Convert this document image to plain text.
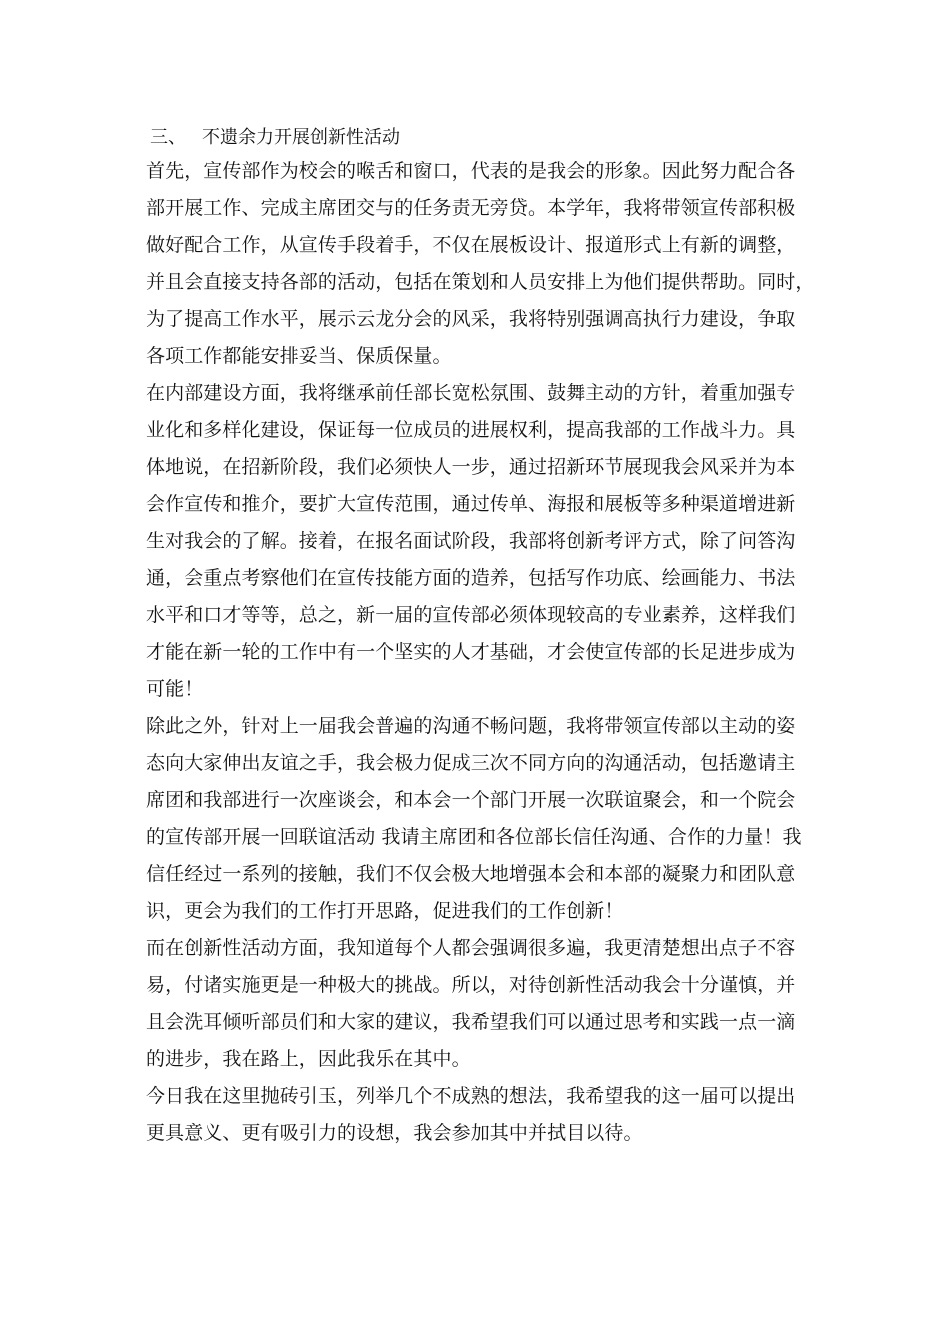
三、 不遗余力开展创新性活动
首先，宣传部作为校会的喉舌和窗口，代表的是我会的形象。因此努力配合各
部开展工作、完成主席团交与的任务责无旁贷。本学年，我将带领宣传部积极
做好配合工作，从宣传手段着手，不仅在展板设计、报道形式上有新的调整，
并且会直接支持各部的活动，包括在策划和人员安排上为他们提供帮助。同时，
为了提高工作水平，展示云龙分会的风采，我将特别强调高执行力建设，争取
各项工作都能安排妥当、保质保量。
在内部建设方面，我将继承前任部长宽松氛围、鼓舞主动的方针，着重加强专
业化和多样化建设，保证每一位成员的进展权利，提高我部的工作战斗力。具
体地说，在招新阶段，我们必须快人一步，通过招新环节展现我会风采并为本
会作宣传和推介，要扩大宣传范围，通过传单、海报和展板等多种渠道增进新
生对我会的了解。接着，在报名面试阶段，我部将创新考评方式，除了问答沟
通，会重点考察他们在宣传技能方面的造养，包括写作功底、绘画能力、书法
水平和口才等等，总之，新一届的宣传部必须体现较高的专业素养，这样我们
才能在新一轮的工作中有一个坚实的人才基础，才会使宣传部的长足进步成为
可能！
除此之外，针对上一届我会普遍的沟通不畅问题，我将带领宣传部以主动的姿
态向大家伸出友谊之手，我会极力促成三次不同方向的沟通活动，包括邀请主
席团和我部进行一次座谈会，和本会一个部门开展一次联谊聚会，和一个院会
的宣传部开展一回联谊活动 我请主席团和各位部长信任沟通、合作的力量！我
信任经过一系列的接触，我们不仅会极大地增强本会和本部的凝聚力和团队意
识，更会为我们的工作打开思路，促进我们的工作创新！
而在创新性活动方面，我知道每个人都会强调很多遍，我更清楚想出点子不容
易，付诸实施更是一种极大的挑战。所以，对待创新性活动我会十分谨慎，并
且会洗耳倾听部员们和大家的建议，我希望我们可以通过思考和实践一点一滴
的进步，我在路上，因此我乐在其中。
今日我在这里抛砖引玉，列举几个不成熟的想法，我希望我的这一届可以提出
更具意义、更有吸引力的设想，我会参加其中并拭目以待。
